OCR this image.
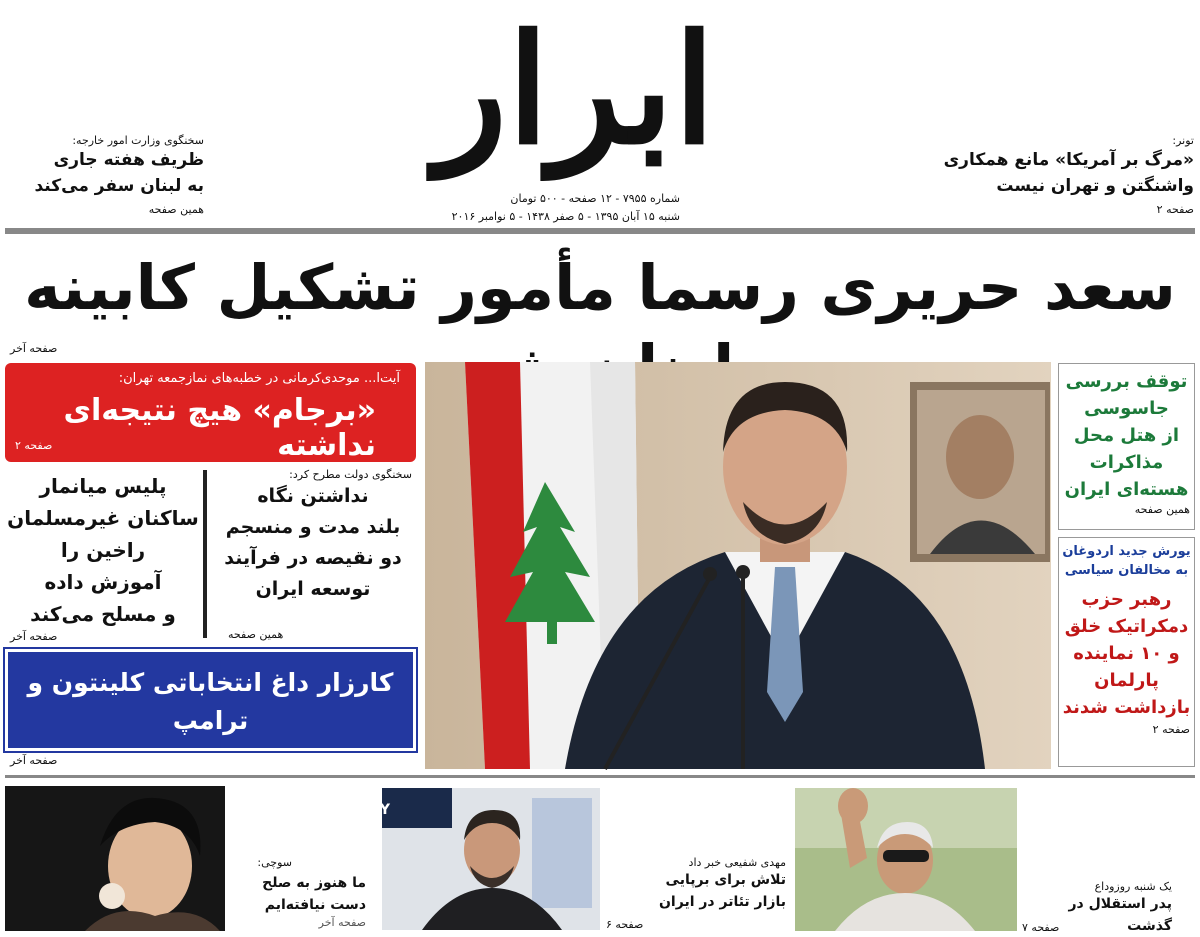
ابرار
شماره ۷۹۵۵ - ۱۲ صفحه - ۵۰۰ تومان
شنبه ۱۵ آبان ۱۳۹۵ - ۵ صفر ۱۴۳۸ - ۵ نوامبر ۲۰۱۶
تونر:
«مرگ بر آمریکا» مانع همکاری
واشنگتن و تهران نیست
صفحه ۲
سخنگوی وزارت امور خارجه:
ظریف هفته جاری
به لبنان سفر می‌کند
همین صفحه
سعد حریری رسما مأمور تشکیل کابینه
صفحه آخر
آیت‌ا... موحدی‌کرمانی در خطبه‌های نمازجمعه تهران:
«برجام» هیچ نتیجه‌ای نداشته
صفحه ۲
پلیس میانمار
ساکنان غیرمسلمان
راخین را
آموزش داده
و مسلح می‌کند
صفحه آخر
سخنگوی دولت مطرح کرد:
نداشتن نگاه
بلند مدت و منسجم
دو نقیصه در فرآیند
توسعه ایران
همین صفحه
کارزار داغ انتخاباتی کلینتون و ترامپ
در ایالت‌های حساس
صفحه آخر
توقف بررسی
جاسوسی
از هتل محل
مذاکرات
هسته‌ای ایران
همین صفحه
یورش جدید اردوغان
به مخالفان سیاسی
رهبر حزب
دمکراتیک خلق
و ۱۰ نماینده
پارلمان
بازداشت شدند
صفحه ۲
سوچی:
ما هنوز به صلح
دست نیافته‌ایم
صفحه آخر
ENCY
مهدی شفیعی خبر داد
تلاش برای برپایی
بازار تئاتر در ایران
صفحه ۶
یک شنبه روزوداع
پدر استقلال در گذشت
صفحه ۷
